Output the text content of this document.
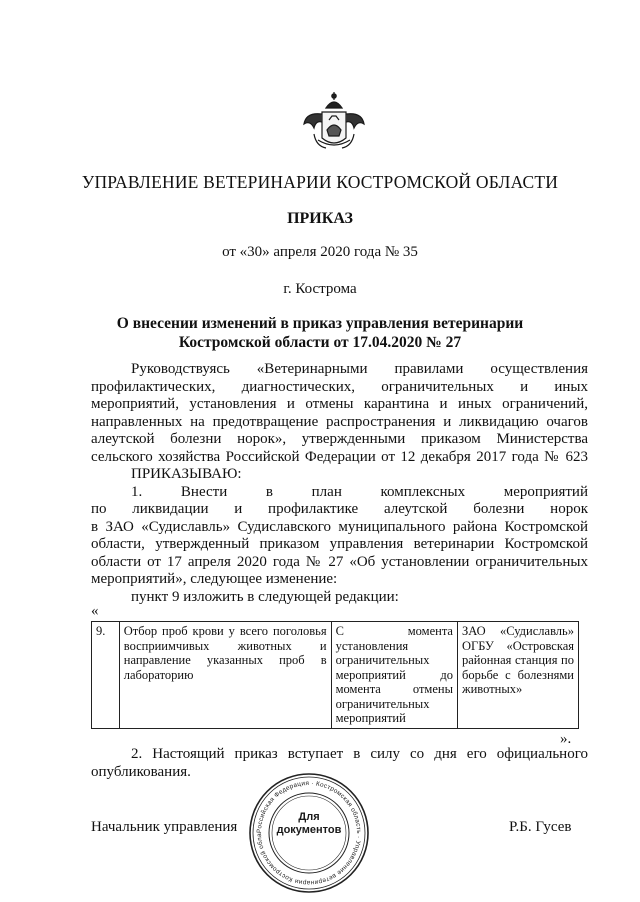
УПРАВЛЕНИЕ ВЕТЕРИНАРИИ КОСТРОМСКОЙ ОБЛАСТИ
ПРИКАЗ
от «30» апреля 2020 года № 35
г. Кострома
О внесении изменений в приказ управления ветеринарии
Костромской области от 17.04.2020 № 27
Руководствуясь «Ветеринарными правилами осуществления
профилактических, диагностических, ограничительных и иных
мероприятий, установления и отмены карантина и иных ограничений,
направленных на предотвращение распространения и ликвидацию очагов
алеутской болезни норок», утвержденными приказом Министерства
сельского хозяйства Российской Федерации от 12 декабря 2017 года № 623
ПРИКАЗЫВАЮ:
1. Внести в план комплексных мероприятий
по ликвидации и профилактике алеутской болезни норок
в ЗАО «Судиславль» Судиславского муниципального района Костромской
области, утвержденный приказом управления ветеринарии Костромской
области от 17 апреля 2020 года № 27 «Об установлении ограничительных
мероприятий», следующее изменение:
пункт 9 изложить в следующей редакции:
«
9.	Отбор проб крови у всего поголовья восприимчивых животных и направление указанных проб в лабораторию	С момента установления ограничительных мероприятий до момента отмены ограничительных мероприятий	ЗАО «Судиславль» ОГБУ «Островская районная станция по борьбе с болезнями животных»
».
2. Настоящий приказ вступает в силу со дня его официального
опубликования.
Начальник управления	Р.Б. Гусев
Российская Федерация · Костромская область · Управление ветеринарии Костромской обла
Для
документов
